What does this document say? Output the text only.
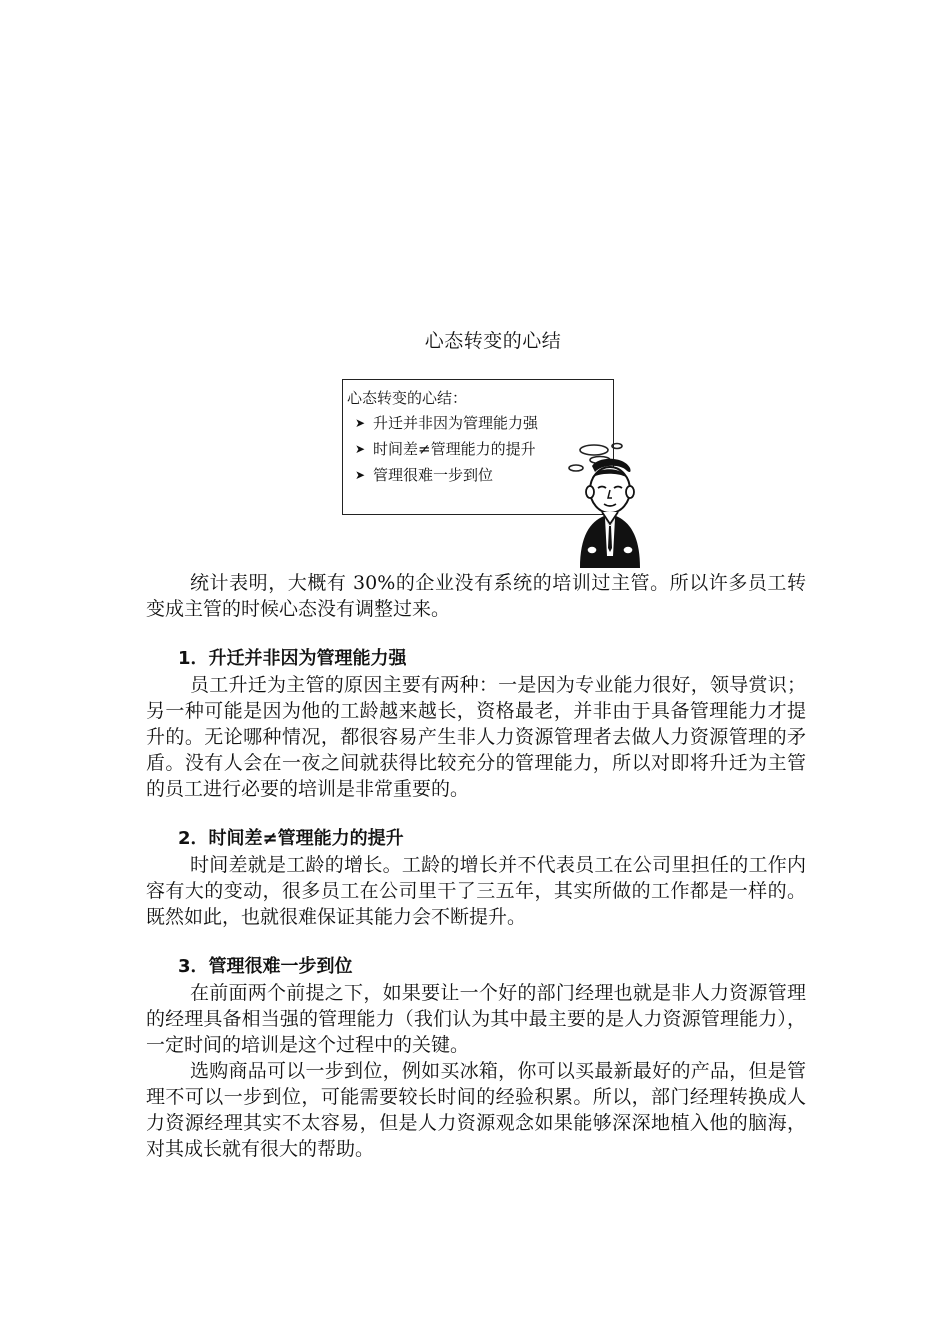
心态转变的心结
心态转变的心结：
➤ 升迁并非因为管理能力强
➤ 时间差≠管理能力的提升
➤ 管理很难一步到位

统计表明，大概有 30%的企业没有系统的培训过主管。所以许多员工转变成主管的时候心态没有调整过来。

1．升迁并非因为管理能力强

员工升迁为主管的原因主要有两种：一是因为专业能力很好，领导赏识；另一种可能是因为他的工龄越来越长，资格最老，并非由于具备管理能力才提升的。无论哪种情况，都很容易产生非人力资源管理者去做人力资源管理的矛盾。没有人会在一夜之间就获得比较充分的管理能力，所以对即将升迁为主管的员工进行必要的培训是非常重要的。

2．时间差≠管理能力的提升

时间差就是工龄的增长。工龄的增长并不代表员工在公司里担任的工作内容有大的变动，很多员工在公司里干了三五年，其实所做的工作都是一样的。既然如此，也就很难保证其能力会不断提升。

3．管理很难一步到位

在前面两个前提之下，如果要让一个好的部门经理也就是非人力资源管理的经理具备相当强的管理能力（我们认为其中最主要的是人力资源管理能力），一定时间的培训是这个过程中的关键。

选购商品可以一步到位，例如买冰箱，你可以买最新最好的产品，但是管理不可以一步到位，可能需要较长时间的经验积累。所以，部门经理转换成人力资源经理其实不太容易，但是人力资源观念如果能够深深地植入他的脑海，对其成长就有很大的帮助。
